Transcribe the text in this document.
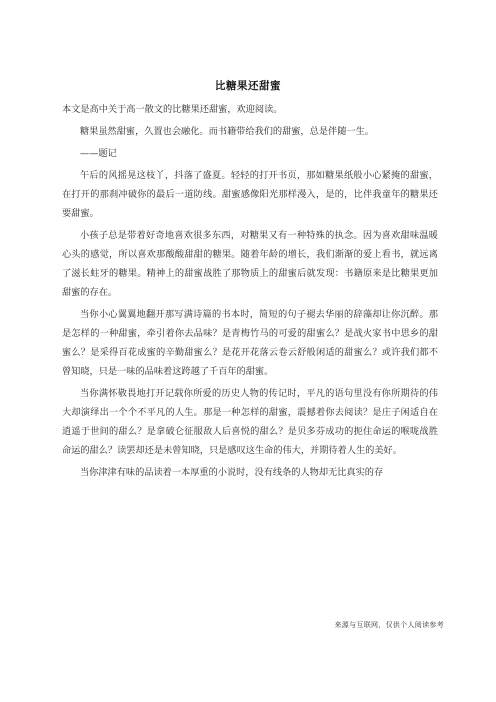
比糖果还甜蜜

本文是高中关于高一散文的比糖果还甜蜜，欢迎阅读。

糖果虽然甜蜜，久置也会融化。而书籍带给我们的甜蜜，总是伴随一生。

——题记

午后的风摇晃这枝丫，抖落了盛夏。轻轻的打开书页，那如糖果纸般小心紧掩的甜蜜，在打开的那刹冲破你的最后一道防线。甜蜜感像阳光那样漫入，是的，比伴我童年的糖果还要甜蜜。

小孩子总是带着好奇地喜欢很多东西，对糖果又有一种特殊的执念。因为喜欢甜味温暖心头的感觉，所以喜欢那酸酸甜甜的糖果。随着年龄的增长，我们渐渐的爱上看书，就远离了滋长蛀牙的糖果。精神上的甜蜜战胜了那物质上的甜蜜后就发现：书籍原来是比糖果更加甜蜜的存在。

当你小心翼翼地翻开那写满诗篇的书本时，简短的句子褪去华丽的辞藻却让你沉醉。那是怎样的一种甜蜜，牵引着你去品味？是青梅竹马的可爱的甜蜜么？是战火家书中思乡的甜蜜么？是采得百花成蜜的辛勤甜蜜么？是花开花落云卷云舒般闲适的甜蜜么？或许我们都不曾知晓，只是一味的品味着这跨越了千百年的甜蜜。

当你满怀敬畏地打开记载你所爱的历史人物的传记时，平凡的语句里没有你所期待的伟大却演绎出一个个不平凡的人生。那是一种怎样的甜蜜，震撼着你去阅读？是庄子闲适自在逍遥于世间的甜么？是拿破仑征服敌人后喜悦的甜么？是贝多芬成功的扼住命运的喉咙战胜命运的甜么？读罢却还是未曾知晓，只是感叹这生命的伟大，并期待着人生的美好。

当你津津有味的品读着一本厚重的小说时，没有线条的人物却无比真实的存

来源与互联网，仅供个人阅读参考
